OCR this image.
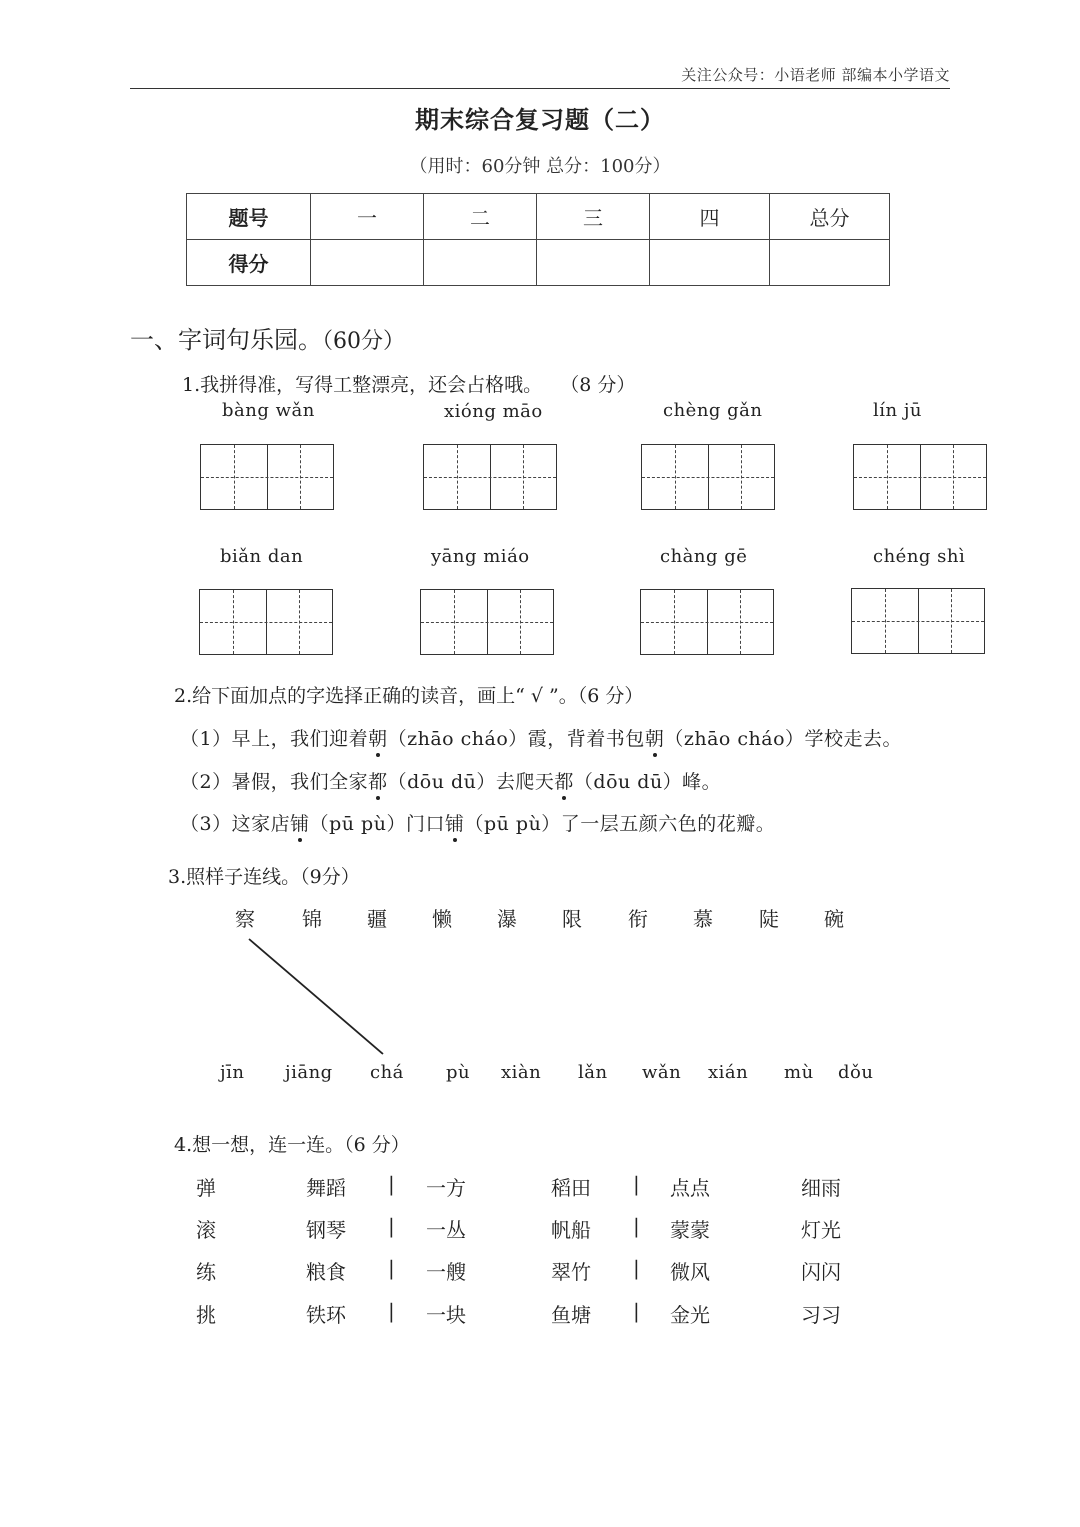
关注公众号：小语老师 部编本小学语文
期末综合复习题（二）
（用时：60分钟 总分：100分）
题号	一	二	三	四	总分
得分					
一、字词句乐园。（60分）
1.我拼得准，写得工整漂亮，还会占格哦。 （8 分）
bàng wǎn	xióng māo	chèng gǎn	lín jū
biǎn dan	yāng miáo	chàng gē	chéng shì
2.给下面加点的字选择正确的读音，画上“ √ ”。（6 分）
（1）早上，我们迎着朝（zhāo cháo）霞，背着书包朝（zhāo cháo）学校走去。
（2）暑假，我们全家都（dōu dū）去爬天都（dōu dū）峰。
（3）这家店铺（pū pù）门口铺（pū pù）了一层五颜六色的花瓣。
3.照样子连线。（9分）
察 锦 疆 懒 瀑 限 衔 慕 陡 碗
jīn jiāng chá pù xiàn lǎn wǎn xián mù dǒu
4.想一想，连一连。（6 分）
弹	舞蹈 | 一方	稻田 | 点点	细雨
滚	钢琴 | 一丛	帆船 | 蒙蒙	灯光
练	粮食 | 一艘	翠竹 | 微风	闪闪
挑	铁环 | 一块	鱼塘 | 金光	习习
